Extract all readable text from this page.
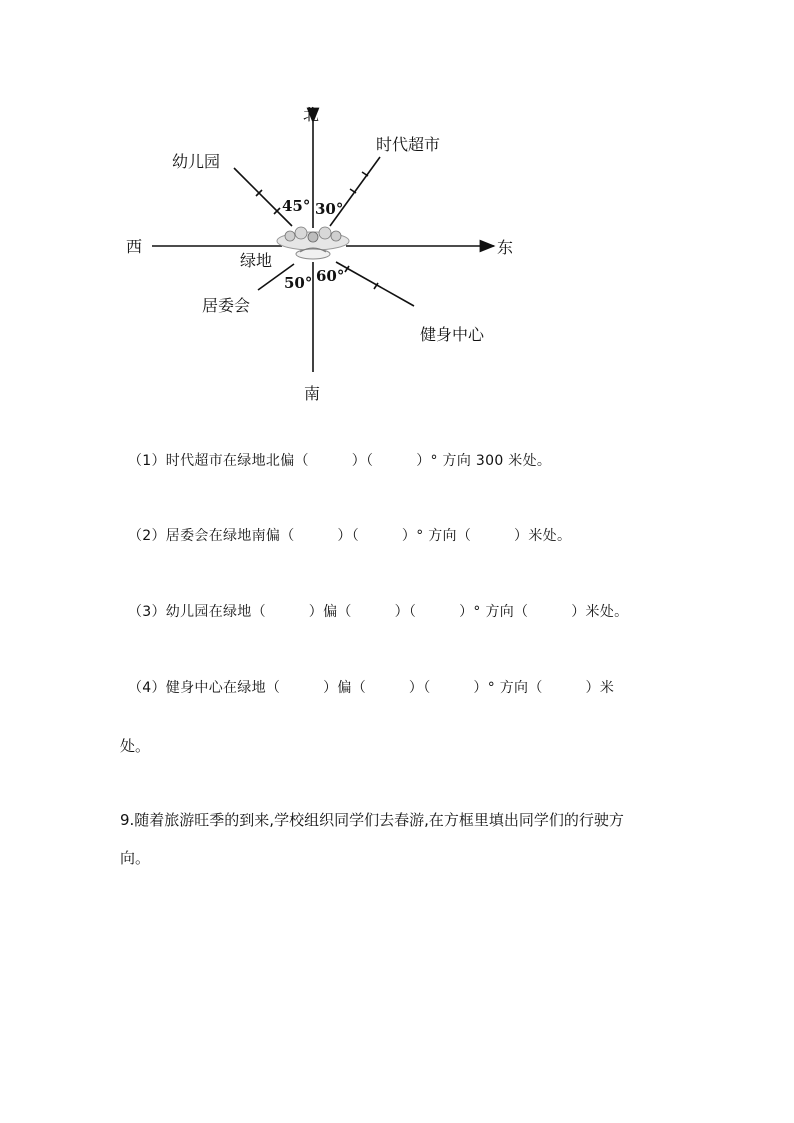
北
南
西	东
绿地
时代超市
幼儿园
居委会
健身中心
45° 30°
50° 60°
（1）时代超市在绿地北偏（　　　）（　　　）° 方向 300 米处。
（2）居委会在绿地南偏（　　　）（　　　）° 方向（　　　）米处。
（3）幼儿园在绿地（　　　）偏（　　　）（　　　）° 方向（　　　）米处。
（4）健身中心在绿地（　　　）偏（　　　）（　　　）° 方向（　　　）米
处。
9.随着旅游旺季的到来,学校组织同学们去春游,在方框里填出同学们的行驶方
向。
